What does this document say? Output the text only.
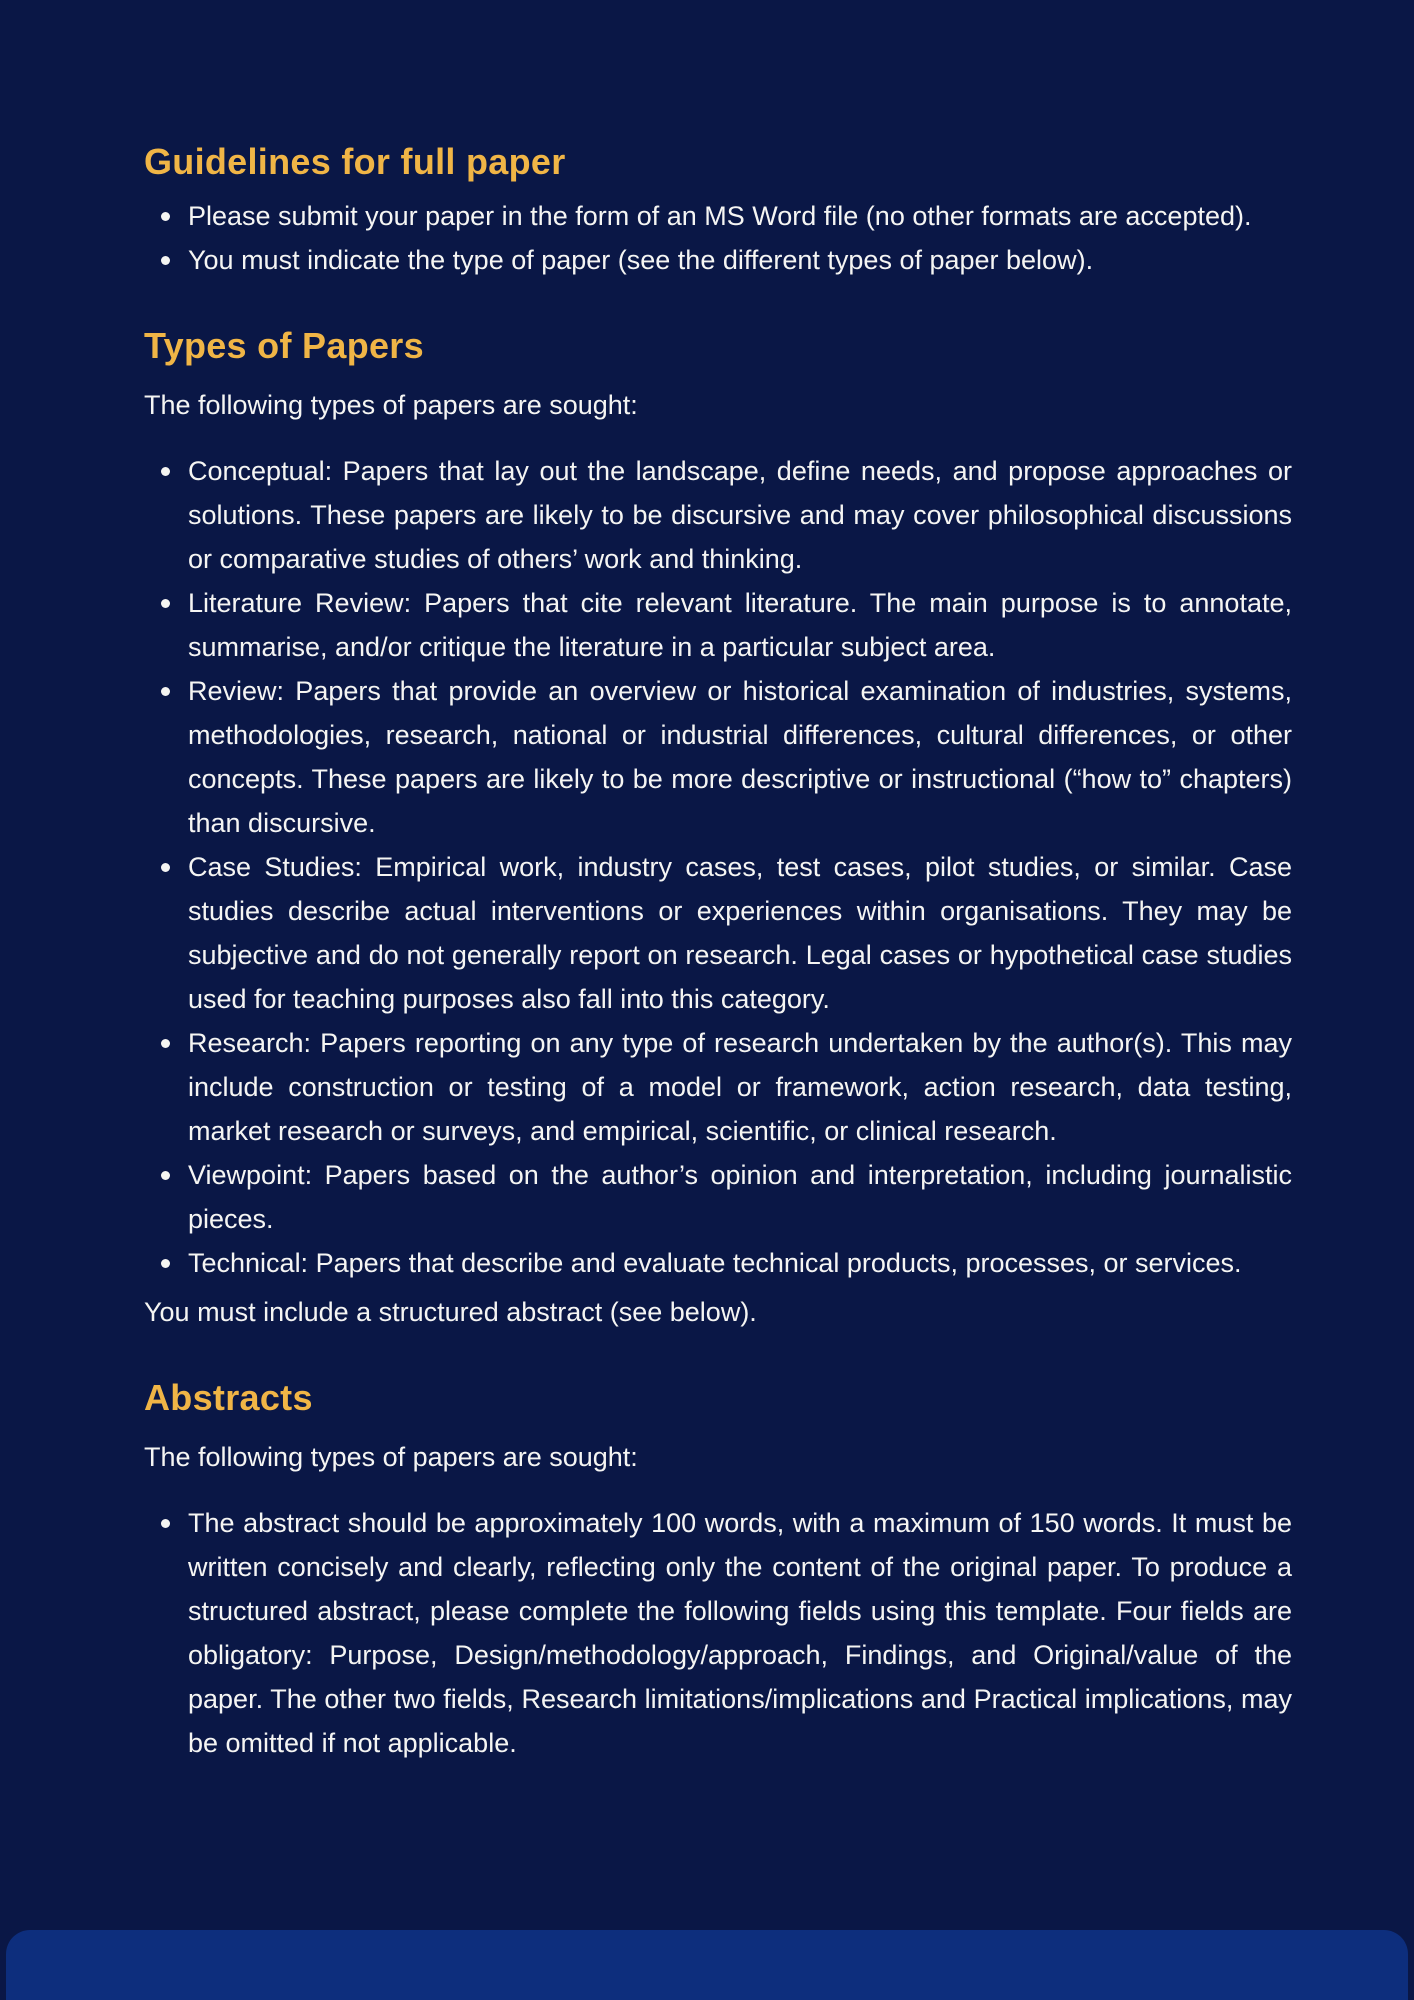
Guidelines for full paper
Please submit your paper in the form of an MS Word file (no other formats are accepted).
You must indicate the type of paper (see the different types of paper below).
Types of Papers

The following types of papers are sought:

Conceptual: Papers that lay out the landscape, define needs, and propose approaches or solutions. These papers are likely to be discursive and may cover philosophical discussions or comparative studies of others’ work and thinking.
Literature Review: Papers that cite relevant literature. The main purpose is to annotate, summarise, and/or critique the literature in a particular subject area.
Review: Papers that provide an overview or historical examination of industries, systems, methodologies, research, national or industrial differences, cultural differences, or other concepts. These papers are likely to be more descriptive or instructional (“how to” chapters) than discursive.
Case Studies: Empirical work, industry cases, test cases, pilot studies, or similar. Case studies describe actual interventions or experiences within organisations. They may be subjective and do not generally report on research. Legal cases or hypothetical case studies used for teaching purposes also fall into this category.
Research: Papers reporting on any type of research undertaken by the author(s). This may include construction or testing of a model or framework, action research, data testing, market research or surveys, and empirical, scientific, or clinical research.
Viewpoint: Papers based on the author’s opinion and interpretation, including journalistic pieces.
Technical: Papers that describe and evaluate technical products, processes, or services.

You must include a structured abstract (see below).

Abstracts

The following types of papers are sought:

The abstract should be approximately 100 words, with a maximum of 150 words. It must be written concisely and clearly, reflecting only the content of the original paper. To produce a structured abstract, please complete the following fields using this template. Four fields are obligatory: Purpose, Design/methodology/approach, Findings, and Original/value of the paper. The other two fields, Research limitations/implications and Practical implications, may be omitted if not applicable.
